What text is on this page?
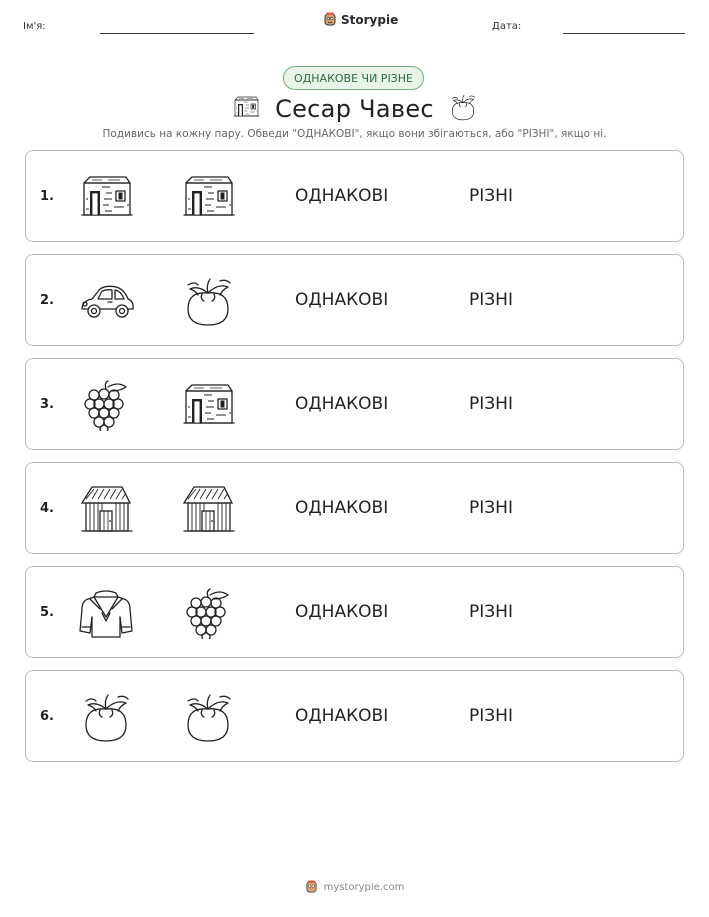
Ім'я:	Storypie	Дата:
ОДНАКОВЕ ЧИ РІЗНЕ
Сесар Чавес
Подивись на кожну пару. Обведи "ОДНАКОВІ", якщо вони збігаються, або "РІЗНІ", якщо ні.
1.	ОДНАКОВІ	РІЗНІ
2.	ОДНАКОВІ	РІЗНІ
3.	ОДНАКОВІ	РІЗНІ
4.	ОДНАКОВІ	РІЗНІ
5.	ОДНАКОВІ	РІЗНІ
6.	ОДНАКОВІ	РІЗНІ
mystorypie.com
